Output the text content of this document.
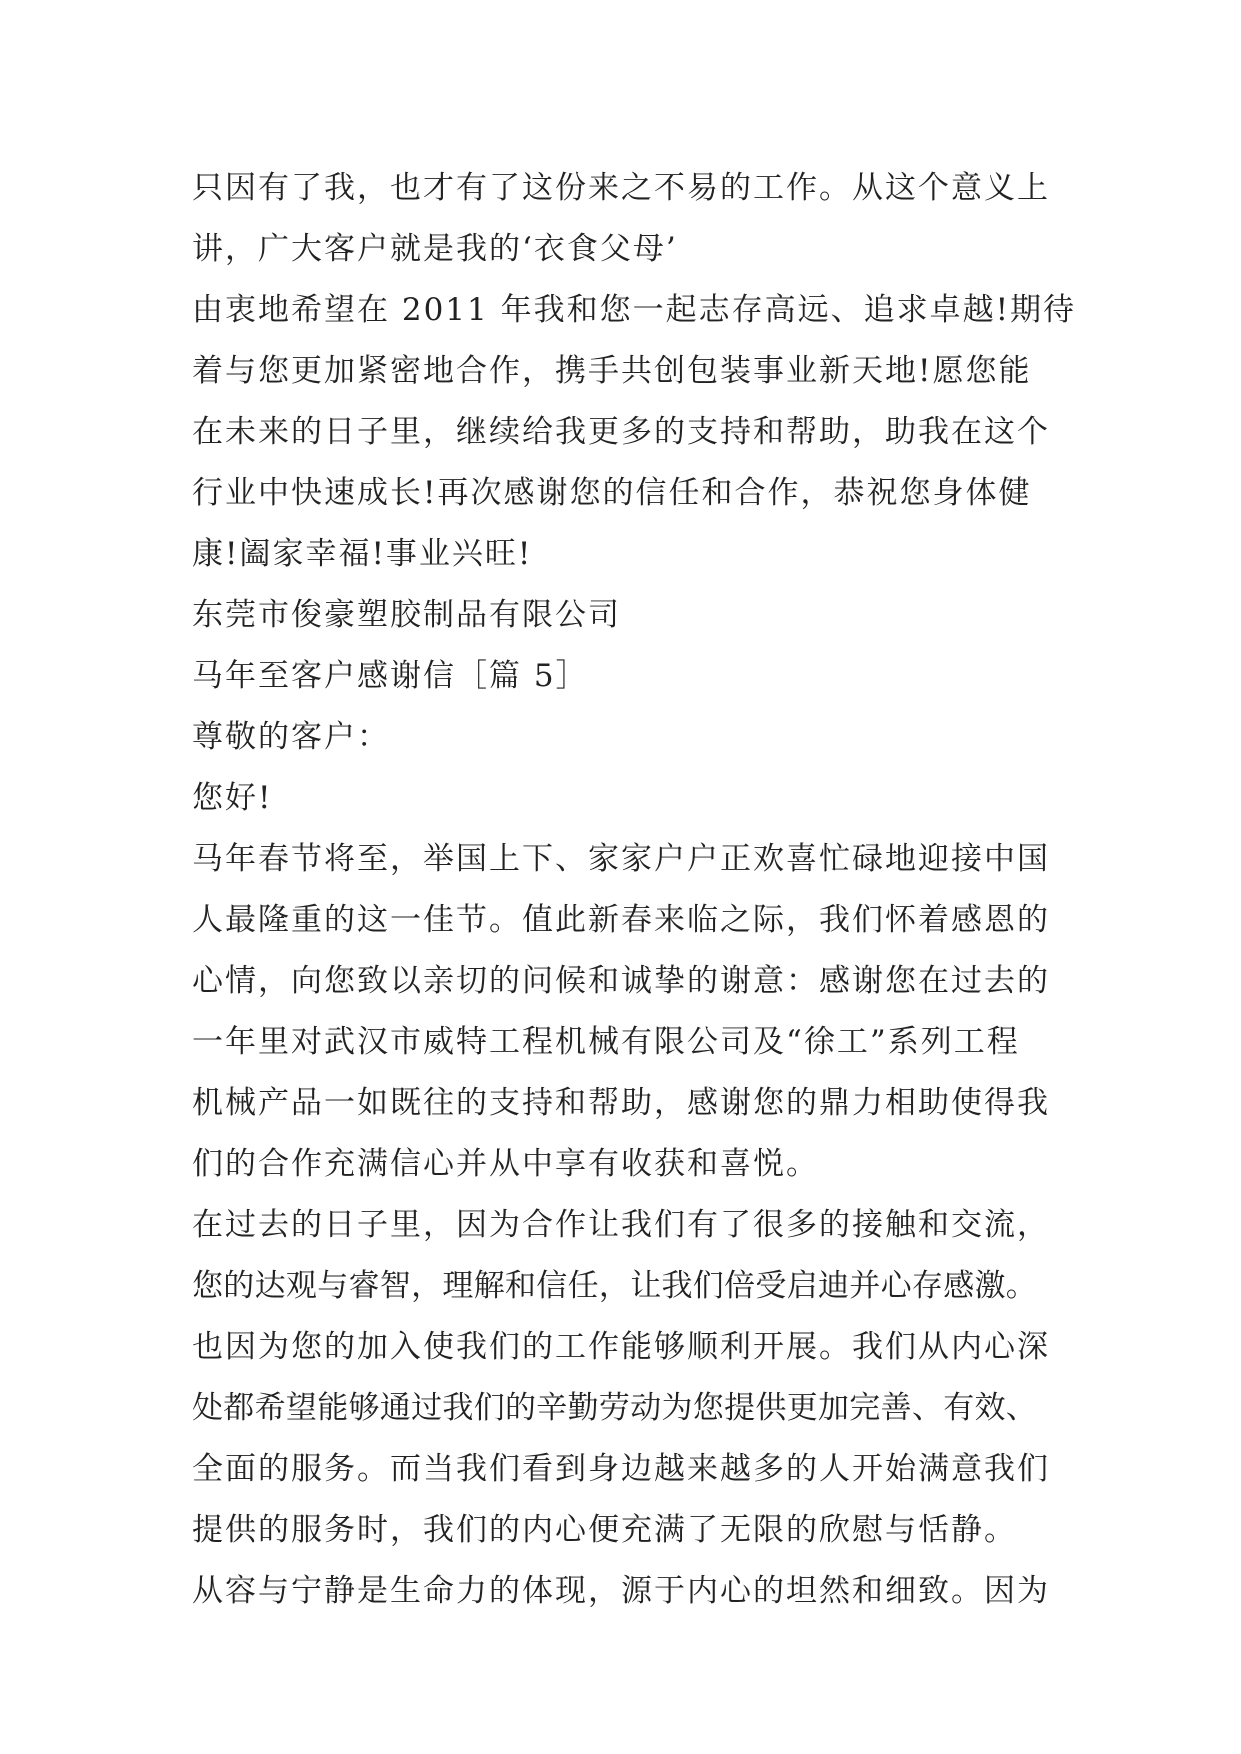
只因有了我，也才有了这份来之不易的工作。从这个意义上
讲，广大客户就是我的‘衣食父母’
由衷地希望在 2011 年我和您一起志存高远、追求卓越!期待
着与您更加紧密地合作，携手共创包装事业新天地!愿您能
在未来的日子里，继续给我更多的支持和帮助，助我在这个
行业中快速成长!再次感谢您的信任和合作，恭祝您身体健
康!阖家幸福!事业兴旺!
东莞市俊豪塑胶制品有限公司
马年至客户感谢信［篇 5］
尊敬的客户：
您好!
马年春节将至，举国上下、家家户户正欢喜忙碌地迎接中国
人最隆重的这一佳节。值此新春来临之际，我们怀着感恩的
心情，向您致以亲切的问候和诚挚的谢意：感谢您在过去的
一年里对武汉市威特工程机械有限公司及“徐工”系列工程
机械产品一如既往的支持和帮助，感谢您的鼎力相助使得我
们的合作充满信心并从中享有收获和喜悦。
在过去的日子里，因为合作让我们有了很多的接触和交流，
您的达观与睿智，理解和信任，让我们倍受启迪并心存感激。
也因为您的加入使我们的工作能够顺利开展。我们从内心深
处都希望能够通过我们的辛勤劳动为您提供更加完善、有效、
全面的服务。而当我们看到身边越来越多的人开始满意我们
提供的服务时，我们的内心便充满了无限的欣慰与恬静。
从容与宁静是生命力的体现，源于内心的坦然和细致。因为
